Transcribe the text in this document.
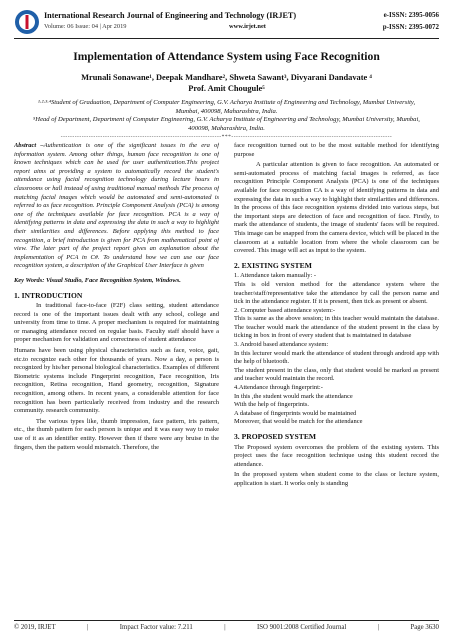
International Research Journal of Engineering and Technology (IRJET)
Volume: 06 Issue: 04 | Apr 2019	www.irjet.net
e-ISSN: 2395-0056
p-ISSN: 2395-0072
Implementation of Attendance System using Face Recognition
Mrunali Sonawane¹, Deepak Mandhare², Shweta Sawant³, Divyarani Dandavate ⁴
Prof. Amit Chougule⁵
¹·²·³·⁴Student of Graduation, Department of Computer Engineering, G.V. Acharya Institute of Engineering and Technology, Mumbai University, Mumbai, 400098, Maharashtra, India.
⁵Head of Department, Department of Computer Engineering, G.V. Acharya Institute of Engineering and Technology, Mumbai University, Mumbai, 400098, Maharashtra, India.
---------------------------------------------------------------------***---------------------------------------------------------------------

Abstract –Authentication is one of the significant issues in the era of information system. Among other things, human face recognition is one of known techniques which can be used for user authentication.This project report aims at providing a system to automatically record the student's attendance using facial recognition technology during lecture hours in classrooms or hall instead of using traditional manual methods The process of matching facial images which would be automated and semi-automated is referred to as face recognition. Principle Component Analysis (PCA) is among one of the techniques available for face recognition. PCA is a way of identifying patterns in data and expressing the data in such a way to highlight their similarities and differences. Before applying this method to face recognition, a brief introduction is given for PCA from mathematical point of view. The later part of the project report gives an explanation about the implementation of PCA in C#. To understand how we can use our face recognition system, a description of the Graphical User Interface is given

Key Words: Visual Studio, Face Recognition System, Windows.

1. INTRODUCTION

In traditional face-to-face (F2F) class setting, student attendance record is one of the important issues dealt with any school, college and university from time to time. A proper mechanism is required for maintaining or managing attendance record on regular basis. Faculty staff should have a proper mechanism for validation and correctness of student attendance

Humans have been using physical characteristics such as face, voice, gait, etc.to recognize each other for thousands of years. Now a day, a person is recognized by his/her personal biological characteristics. Examples of different Biometric systems include Fingerprint recognition, Face recognition, Iris recognition, Retina recognition, Hand geometry, recognition, Signature recognition, among others. In recent years, a considerable attention for face recognition has been particularly received from industry and the research community. research community.

The various types like, thumb impression, face pattern, iris pattern, etc., the thumb pattern for each person is unique and it was easy way to make use of it as an identifier entity. However then if there were any bruise in the fingers, then the pattern would mismatch. Therefore, the

face recognition turned out to be the most suitable method for identifying purpose

A particular attention is given to face recognition. An automated or semi-automated process of matching facial images is referred, as face recognition Principle Component Analysis (PCA) is one of the techniques available for face recognition CA is a way of identifying patterns in data and expressing the data in such a way to highlight their similarities and differences. In the process of this face recognition systems divided into various steps, but the important steps are detection of face and recognition of face. Firstly, to mark the attendance of students, the image of students' faces will be required. This image can be snapped from the camera device, which will be placed in the classroom at a suitable location from where the whole classroom can be covered. This image will act as input to the system.

2. EXISTING SYSTEM
1. Attendance taken manually: -
This is old version method for the attendance system where the teacher/staff/representative take the attendance by call the person name and tick in the attendance register. If it is present, then tick as present or absent.
2. Computer based attendance system:-
This is same as the above session; in this teacher would maintain the database. The teacher would mark the attendance of the student present in the class by ticking in box in front of every student that is maintained in database
3. Android based attendance system:
In this lecturer would mark the attendance of student through android app with the help of bluetooth.
The student present in the class, only that student would be marked as present and teacher would maintain the record.
4.Attendance through fingerprint:-
In this ,the student would mark the attendance
With the help of fingerprints.
A database of fingerprints would be maintained
Moreover, that would be match for the attendance
3. PROPOSED SYSTEM

The Proposed system overcomes the problem of the existing system. This project uses the face recognition technique using this student record the attendance.

In the proposed system when student come to the class or lecture system, application is start. It works only is standing

© 2019, IRJET	|	Impact Factor value: 7.211	|	ISO 9001:2008 Certified Journal	|	Page 3630
